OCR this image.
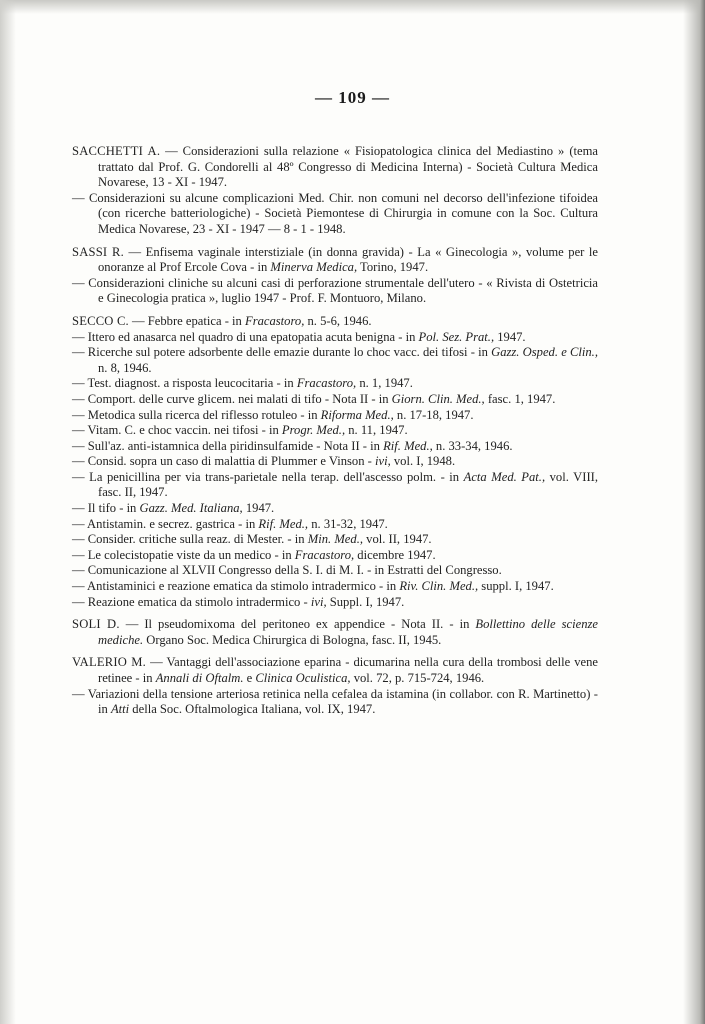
— 109 —
SACCHETTI A. — Considerazioni sulla relazione « Fisiopatologica clinica del Mediastino » (tema trattato dal Prof. G. Condorelli al 48º Congresso di Medicina Interna) - Società Cultura Medica Novarese, 13 - XI - 1947.
— Considerazioni su alcune complicazioni Med. Chir. non comuni nel decorso dell'infezione tifoidea (con ricerche batteriologiche) - Società Piemontese di Chirurgia in comune con la Soc. Cultura Medica Novarese, 23 - XI - 1947 — 8 - 1 - 1948.
SASSI R. — Enfisema vaginale interstiziale (in donna gravida) - La « Ginecologia », volume per le onoranze al Prof Ercole Cova - in Minerva Medica, Torino, 1947.
— Considerazioni cliniche su alcuni casi di perforazione strumentale dell'utero - « Rivista di Ostetricia e Ginecologia pratica », luglio 1947 - Prof. F. Montuoro, Milano.
SECCO C. — Febbre epatica - in Fracastoro, n. 5-6, 1946.
— Ittero ed anasarca nel quadro di una epatopatia acuta benigna - in Pol. Sez. Prat., 1947.
— Ricerche sul potere adsorbente delle emazie durante lo choc vacc. dei tifosi - in Gazz. Osped. e Clin., n. 8, 1946.
— Test. diagnost. a risposta leucocitaria - in Fracastoro, n. 1, 1947.
— Comport. delle curve glicem. nei malati di tifo - Nota II - in Giorn. Clin. Med., fasc. 1, 1947.
— Metodica sulla ricerca del riflesso rotuleo - in Riforma Med., n. 17-18, 1947.
— Vitam. C. e choc vaccin. nei tifosi - in Progr. Med., n. 11, 1947.
— Sull'az. anti-istamnica della piridinsulfamide - Nota II - in Rif. Med., n. 33-34, 1946.
— Consid. sopra un caso di malattia di Plummer e Vinson - ivi, vol. I, 1948.
— La penicillina per via trans-parietale nella terap. dell'ascesso polm. - in Acta Med. Pat., vol. VIII, fasc. II, 1947.
— Il tifo - in Gazz. Med. Italiana, 1947.
— Antistamin. e secrez. gastrica - in Rif. Med., n. 31-32, 1947.
— Consider. critiche sulla reaz. di Mester. - in Min. Med., vol. II, 1947.
— Le colecistopatie viste da un medico - in Fracastoro, dicembre 1947.
— Comunicazione al XLVII Congresso della S. I. di M. I. - in Estratti del Congresso.
— Antistaminici e reazione ematica da stimolo intradermico - in Riv. Clin. Med., suppl. I, 1947.
— Reazione ematica da stimolo intradermico - ivi, Suppl. I, 1947.
SOLI D. — Il pseudomixoma del peritoneo ex appendice - Nota II. - in Bollettino delle scienze mediche. Organo Soc. Medica Chirurgica di Bologna, fasc. II, 1945.
VALERIO M. — Vantaggi dell'associazione eparina - dicumarina nella cura della trombosi delle vene retinee - in Annali di Oftalm. e Clinica Oculistica, vol. 72, p. 715-724, 1946.
— Variazioni della tensione arteriosa retinica nella cefalea da istamina (in collabor. con R. Martinetto) - in Atti della Soc. Oftalmologica Italiana, vol. IX, 1947.
